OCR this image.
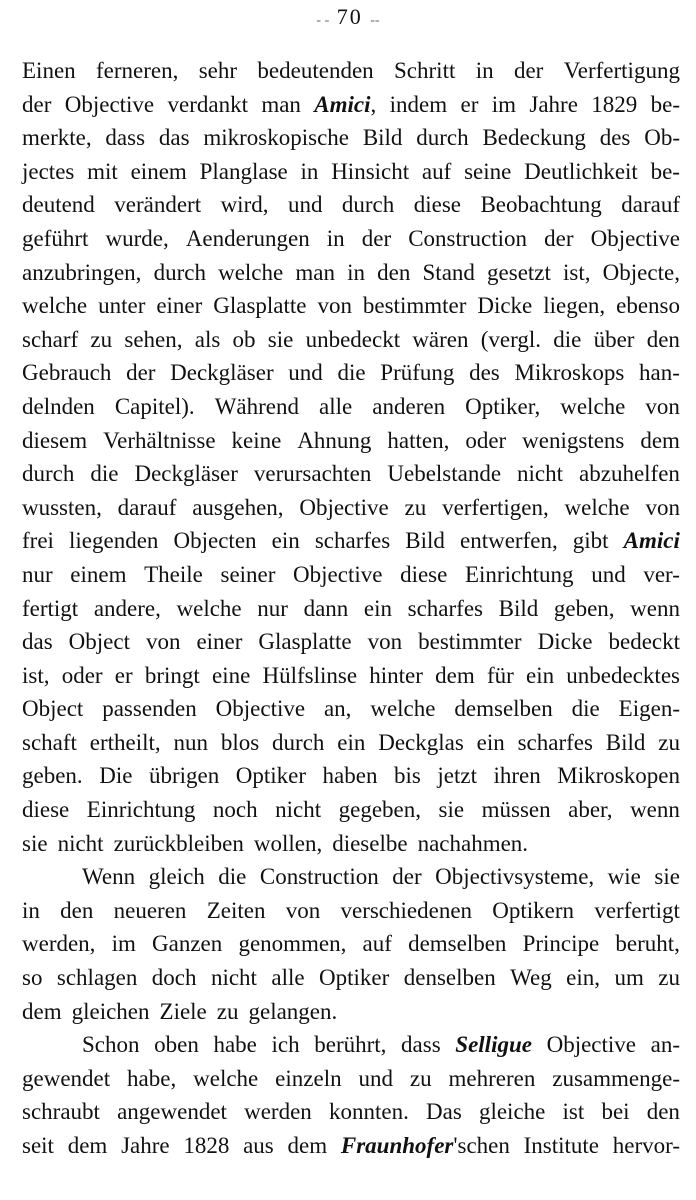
- - 70 --
Einen ferneren, sehr bedeutenden Schritt in der Verfertigung
der Objective verdankt man Amici, indem er im Jahre 1829 be-
merkte, dass das mikroskopische Bild durch Bedeckung des Ob-
jectes mit einem Planglase in Hinsicht auf seine Deutlichkeit be-
deutend verändert wird, und durch diese Beobachtung darauf
geführt wurde, Aenderungen in der Construction der Objective
anzubringen, durch welche man in den Stand gesetzt ist, Objecte,
welche unter einer Glasplatte von bestimmter Dicke liegen, ebenso
scharf zu sehen, als ob sie unbedeckt wären (vergl. die über den
Gebrauch der Deckgläser und die Prüfung des Mikroskops han-
delnden Capitel). Während alle anderen Optiker, welche von
diesem Verhältnisse keine Ahnung hatten, oder wenigstens dem
durch die Deckgläser verursachten Uebelstande nicht abzuhelfen
wussten, darauf ausgehen, Objective zu verfertigen, welche von
frei liegenden Objecten ein scharfes Bild entwerfen, gibt Amici
nur einem Theile seiner Objective diese Einrichtung und ver-
fertigt andere, welche nur dann ein scharfes Bild geben, wenn
das Object von einer Glasplatte von bestimmter Dicke bedeckt
ist, oder er bringt eine Hülfslinse hinter dem für ein unbedecktes
Object passenden Objective an, welche demselben die Eigen-
schaft ertheilt, nun blos durch ein Deckglas ein scharfes Bild zu
geben. Die übrigen Optiker haben bis jetzt ihren Mikroskopen
diese Einrichtung noch nicht gegeben, sie müssen aber, wenn
sie nicht zurückbleiben wollen, dieselbe nachahmen.
Wenn gleich die Construction der Objectivsysteme, wie sie
in den neueren Zeiten von verschiedenen Optikern verfertigt
werden, im Ganzen genommen, auf demselben Principe beruht,
so schlagen doch nicht alle Optiker denselben Weg ein, um zu
dem gleichen Ziele zu gelangen.
Schon oben habe ich berührt, dass Selligue Objective an-
gewendet habe, welche einzeln und zu mehreren zusammenge-
schraubt angewendet werden konnten. Das gleiche ist bei den
seit dem Jahre 1828 aus dem Fraunhofer'schen Institute hervor-
